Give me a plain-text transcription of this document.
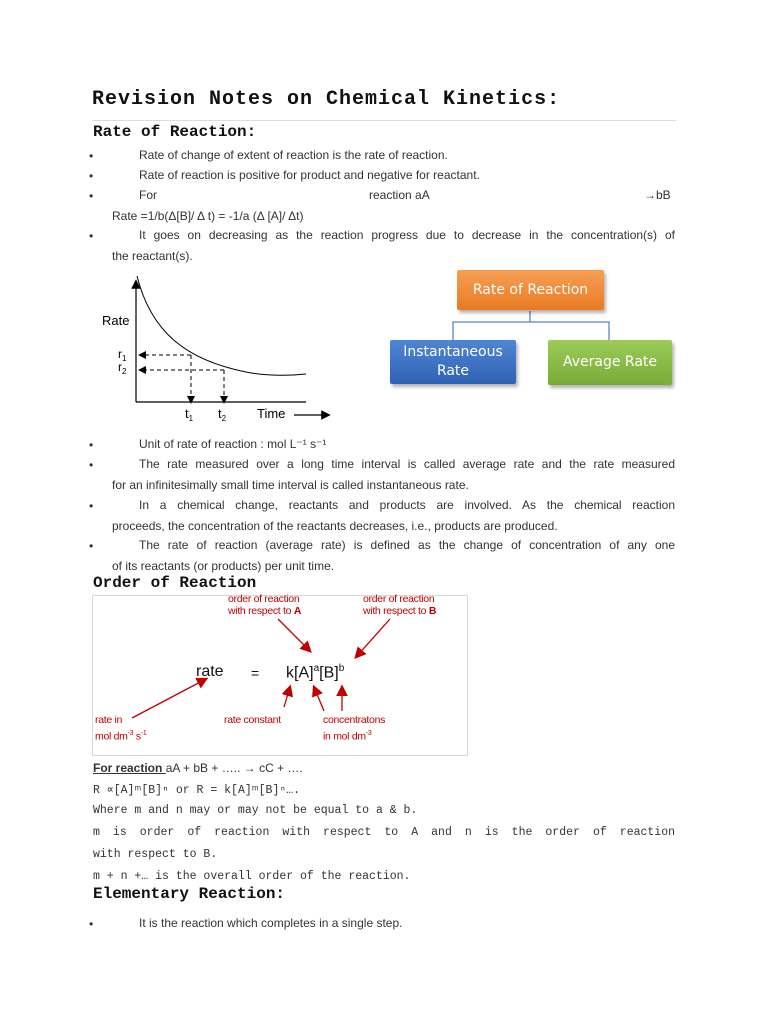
Revision Notes on Chemical Kinetics:
Rate of Reaction:
•	Rate of change of extent of reaction is the rate of reaction.
•	Rate of reaction is positive for product and negative for reactant.
•	For	reaction aA	→bB
Rate =1/b(Δ[B]/ Δ t) = -1/a (Δ [A]/ Δt)
•	It goes on decreasing as the reaction progress due to decrease in the concentration(s) of
the reactant(s).
Rate
$r_1$
$r_2$
$t_1$ $t_2$ Time
Rate of Reaction
Instantaneous
Rate
Average Rate
•	Unit of rate of reaction : mol L⁻¹ s⁻¹
•	The rate measured over a long time interval is called average rate and the rate measured
for an infinitesimally small time interval is called instantaneous rate.
•	In a chemical change, reactants and products are involved. As the chemical reaction
proceeds, the concentration of the reactants decreases, i.e., products are produced.
•	The rate of reaction (average rate) is defined as the change of concentration of any one
of its reactants (or products) per unit time.
Order of Reaction
order of reaction
with respect to A
order of reaction
with respect to B
rate = $k[A]^a[B]^b$
rate in
mol $dm^{-3}$ $s^{-1}$
rate constant	concentratons
in mol $dm^{-3}$
For reaction aA + bB + ….. → cC + ….
R ∝[A]ᵐ[B]ⁿ or R = k[A]ᵐ[B]ⁿ….
Where m and n may or may not be equal to a & b.
m is order of reaction with respect to A and n is the order of reaction
with respect to B.
m + n +… is the overall order of the reaction.
Elementary Reaction:
•	It is the reaction which completes in a single step.
